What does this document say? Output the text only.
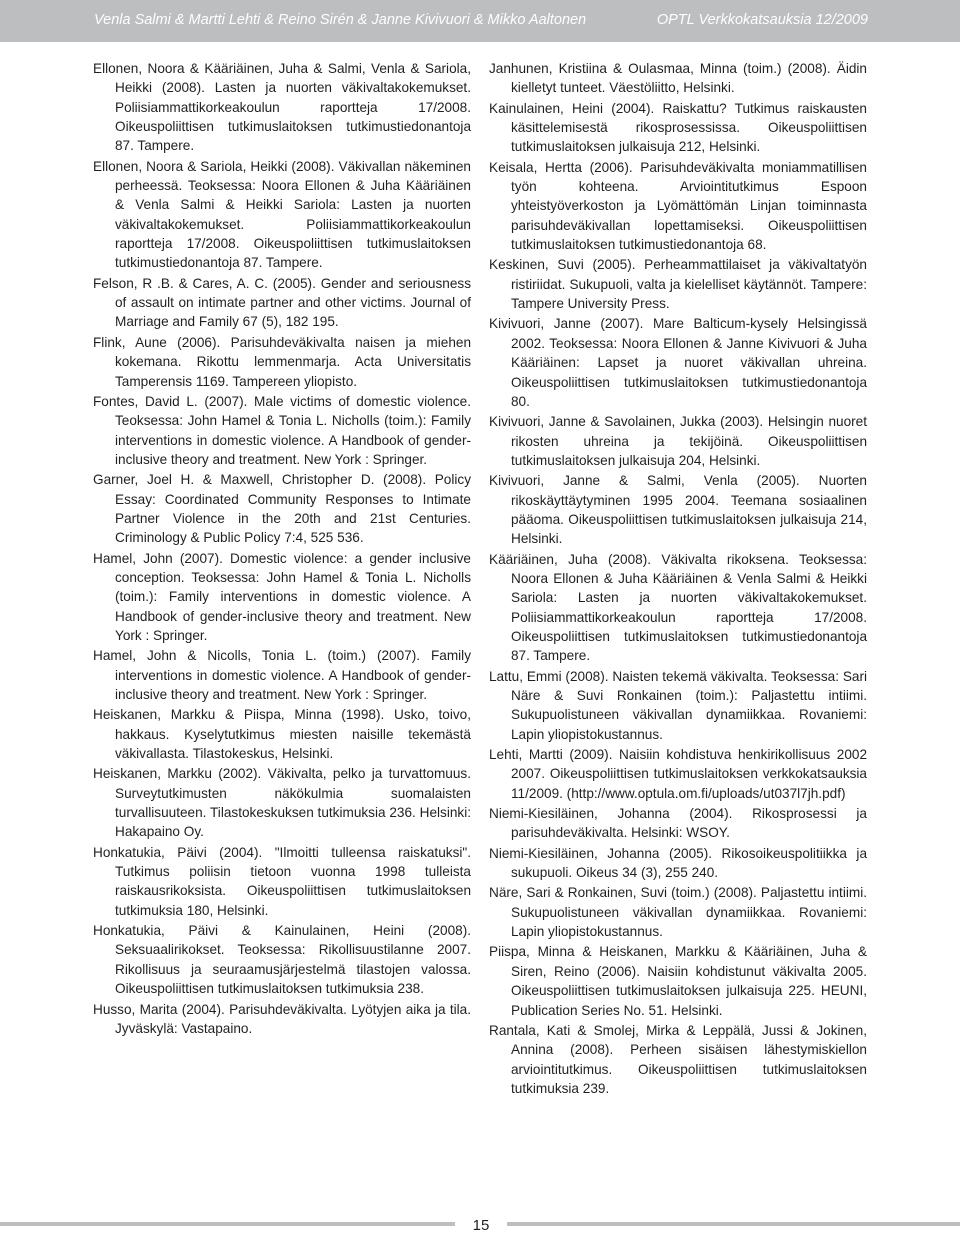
Venla Salmi & Martti Lehti & Reino Sirén & Janne Kivivuori & Mikko Aaltonen	OPTL Verkkokatsauksia 12/2009

Ellonen, Noora & Kääriäinen, Juha & Salmi, Venla & Sariola, Heikki (2008). Lasten ja nuorten väkivaltakokemukset. Poliisiammattikorkeakoulun raportteja 17/2008. Oikeuspoliittisen tutkimuslaitoksen tutkimustiedonantoja 87. Tampere.

Ellonen, Noora & Sariola, Heikki (2008). Väkivallan näkeminen perheessä. Teoksessa: Noora Ellonen & Juha Kääriäinen & Venla Salmi & Heikki Sariola: Lasten ja nuorten väkivaltakokemukset. Poliisiammattikorkeakoulun raportteja 17/2008. Oikeuspoliittisen tutkimuslaitoksen tutkimustiedonantoja 87. Tampere.

Felson, R .B. & Cares, A. C. (2005). Gender and seriousness of assault on intimate partner and other victims. Journal of Marriage and Family 67 (5), 182 195.

Flink, Aune (2006). Parisuhdeväkivalta naisen ja miehen kokemana. Rikottu lemmenmarja. Acta Universitatis Tamperensis 1169. Tampereen yliopisto.

Fontes, David L. (2007). Male victims of domestic violence. Teoksessa: John Hamel & Tonia L. Nicholls (toim.): Family interventions in domestic violence. A Handbook of gender-inclusive theory and treatment. New York : Springer.

Garner, Joel H. & Maxwell, Christopher D. (2008). Policy Essay: Coordinated Community Responses to Intimate Partner Violence in the 20th and 21st Centuries. Criminology & Public Policy 7:4, 525 536.

Hamel, John (2007). Domestic violence: a gender inclusive conception. Teoksessa: John Hamel & Tonia L. Nicholls (toim.): Family interventions in domestic violence. A Handbook of gender-inclusive theory and treatment. New York : Springer.

Hamel, John & Nicolls, Tonia L. (toim.) (2007). Family interventions in domestic violence. A Handbook of gender-inclusive theory and treatment. New York : Springer.

Heiskanen, Markku & Piispa, Minna (1998). Usko, toivo, hakkaus. Kyselytutkimus miesten naisille tekemästä väkivallasta. Tilastokeskus, Helsinki.

Heiskanen, Markku (2002). Väkivalta, pelko ja turvattomuus. Surveytutkimusten näkökulmia suomalaisten turvallisuuteen. Tilastokeskuksen tutkimuksia 236. Helsinki: Hakapaino Oy.

Honkatukia, Päivi (2004). "Ilmoitti tulleensa raiskatuksi". Tutkimus poliisin tietoon vuonna 1998 tulleista raiskausrikoksista. Oikeuspoliittisen tutkimuslaitoksen tutkimuksia 180, Helsinki.

Honkatukia, Päivi & Kainulainen, Heini (2008). Seksuaalirikokset. Teoksessa: Rikollisuustilanne 2007. Rikollisuus ja seuraamusjärjestelmä tilastojen valossa. Oikeuspoliittisen tutkimuslaitoksen tutkimuksia 238.

Husso, Marita (2004). Parisuhdeväkivalta. Lyötyjen aika ja tila. Jyväskylä: Vastapaino.

Janhunen, Kristiina & Oulasmaa, Minna (toim.) (2008). Äidin kielletyt tunteet. Väestöliitto, Helsinki.

Kainulainen, Heini (2004). Raiskattu? Tutkimus raiskausten käsittelemisestä rikosprosessissa. Oikeuspoliittisen tutkimuslaitoksen julkaisuja 212, Helsinki.

Keisala, Hertta (2006). Parisuhdeväkivalta moniammatillisen työn kohteena. Arviointitutkimus Espoon yhteistyöverkoston ja Lyömättömän Linjan toiminnasta parisuhdeväkivallan lopettamiseksi. Oikeuspoliittisen tutkimuslaitoksen tutkimustiedonantoja 68.

Keskinen, Suvi (2005). Perheammattilaiset ja väkivaltatyön ristiriidat. Sukupuoli, valta ja kielelliset käytännöt. Tampere: Tampere University Press.

Kivivuori, Janne (2007). Mare Balticum-kysely Helsingissä 2002. Teoksessa: Noora Ellonen & Janne Kivivuori & Juha Kääriäinen: Lapset ja nuoret väkivallan uhreina. Oikeuspoliittisen tutkimuslaitoksen tutkimustiedonantoja 80.

Kivivuori, Janne & Savolainen, Jukka (2003). Helsingin nuoret rikosten uhreina ja tekijöinä. Oikeuspoliittisen tutkimuslaitoksen julkaisuja 204, Helsinki.

Kivivuori, Janne & Salmi, Venla (2005). Nuorten rikoskäyttäytyminen 1995 2004. Teemana sosiaalinen pääoma. Oikeuspoliittisen tutkimuslaitoksen julkaisuja 214, Helsinki.

Kääriäinen, Juha (2008). Väkivalta rikoksena. Teoksessa: Noora Ellonen & Juha Kääriäinen & Venla Salmi & Heikki Sariola: Lasten ja nuorten väkivaltakokemukset. Poliisiammattikorkeakoulun raportteja 17/2008. Oikeuspoliittisen tutkimuslaitoksen tutkimustiedonantoja 87. Tampere.

Lattu, Emmi (2008). Naisten tekemä väkivalta. Teoksessa: Sari Näre & Suvi Ronkainen (toim.): Paljastettu intiimi. Sukupuolistuneen väkivallan dynamiikkaa. Rovaniemi: Lapin yliopistokustannus.

Lehti, Martti (2009). Naisiin kohdistuva henkirikollisuus 2002 2007. Oikeuspoliittisen tutkimuslaitoksen verkkokatsauksia 11/2009. (http://www.optula.om.fi/uploads/ut037l7jh.pdf)

Niemi-Kiesiläinen, Johanna (2004). Rikosprosessi ja parisuhdeväkivalta. Helsinki: WSOY.

Niemi-Kiesiläinen, Johanna (2005). Rikosoikeuspolitiikka ja sukupuoli. Oikeus 34 (3), 255 240.

Näre, Sari & Ronkainen, Suvi (toim.) (2008). Paljastettu intiimi. Sukupuolistuneen väkivallan dynamiikkaa. Rovaniemi: Lapin yliopistokustannus.

Piispa, Minna & Heiskanen, Markku & Kääriäinen, Juha & Siren, Reino (2006). Naisiin kohdistunut väkivalta 2005. Oikeuspoliittisen tutkimuslaitoksen julkaisuja 225. HEUNI, Publication Series No. 51. Helsinki.

Rantala, Kati & Smolej, Mirka & Leppälä, Jussi & Jokinen, Annina (2008). Perheen sisäisen lähestymiskiellon arviointitutkimus. Oikeuspoliittisen tutkimuslaitoksen tutkimuksia 239.

15
